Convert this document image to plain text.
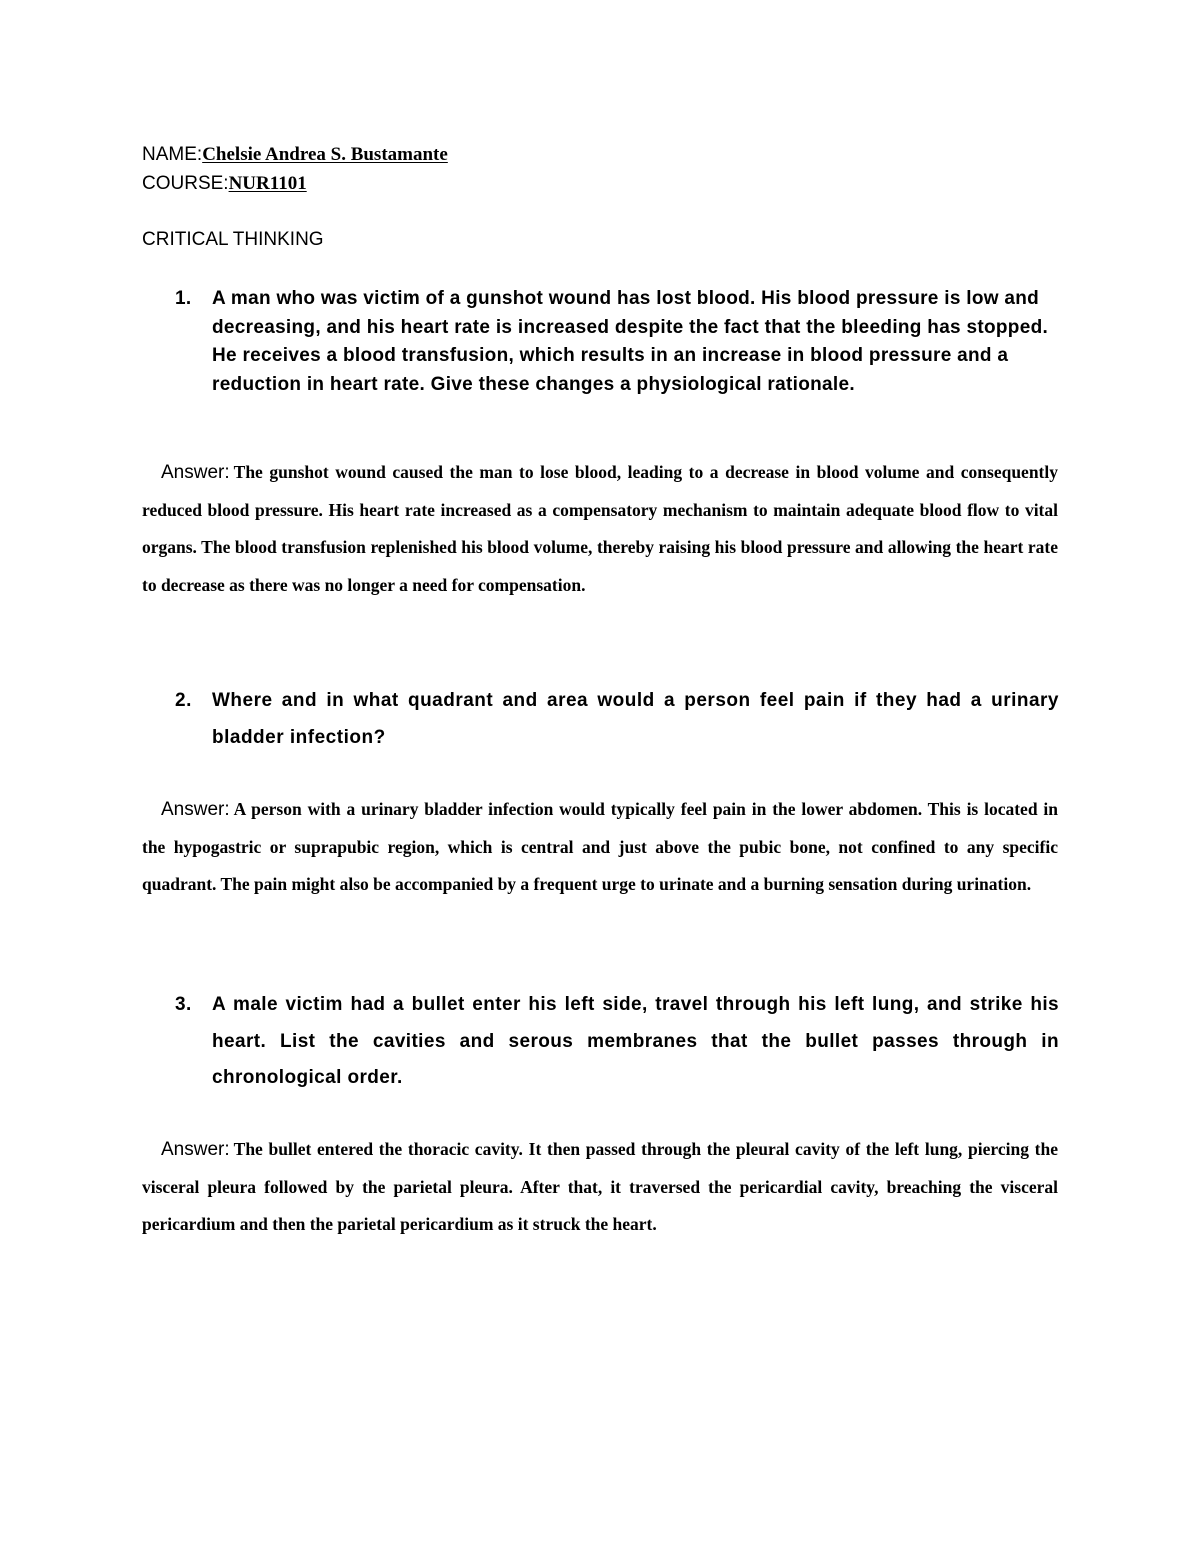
NAME:Chelsie Andrea S. Bustamante
COURSE:NUR1101
CRITICAL THINKING
1.	A man who was victim of a gunshot wound has lost blood. His blood pressure is low and decreasing, and his heart rate is increased despite the fact that the bleeding has stopped. He receives a blood transfusion, which results in an increase in blood pressure and a reduction in heart rate. Give these changes a physiological rationale.

Answer: The gunshot wound caused the man to lose blood, leading to a decrease in blood volume and consequently reduced blood pressure. His heart rate increased as a compensatory mechanism to maintain adequate blood flow to vital organs. The blood transfusion replenished his blood volume, thereby raising his blood pressure and allowing the heart rate to decrease as there was no longer a need for compensation.

2.	Where and in what quadrant and area would a person feel pain if they had a urinary bladder infection?

Answer: A person with a urinary bladder infection would typically feel pain in the lower abdomen. This is located in the hypogastric or suprapubic region, which is central and just above the pubic bone, not confined to any specific quadrant. The pain might also be accompanied by a frequent urge to urinate and a burning sensation during urination.

3.	A male victim had a bullet enter his left side, travel through his left lung, and strike his heart. List the cavities and serous membranes that the bullet passes through in chronological order.

Answer: The bullet entered the thoracic cavity. It then passed through the pleural cavity of the left lung, piercing the visceral pleura followed by the parietal pleura. After that, it traversed the pericardial cavity, breaching the visceral pericardium and then the parietal pericardium as it struck the heart.
